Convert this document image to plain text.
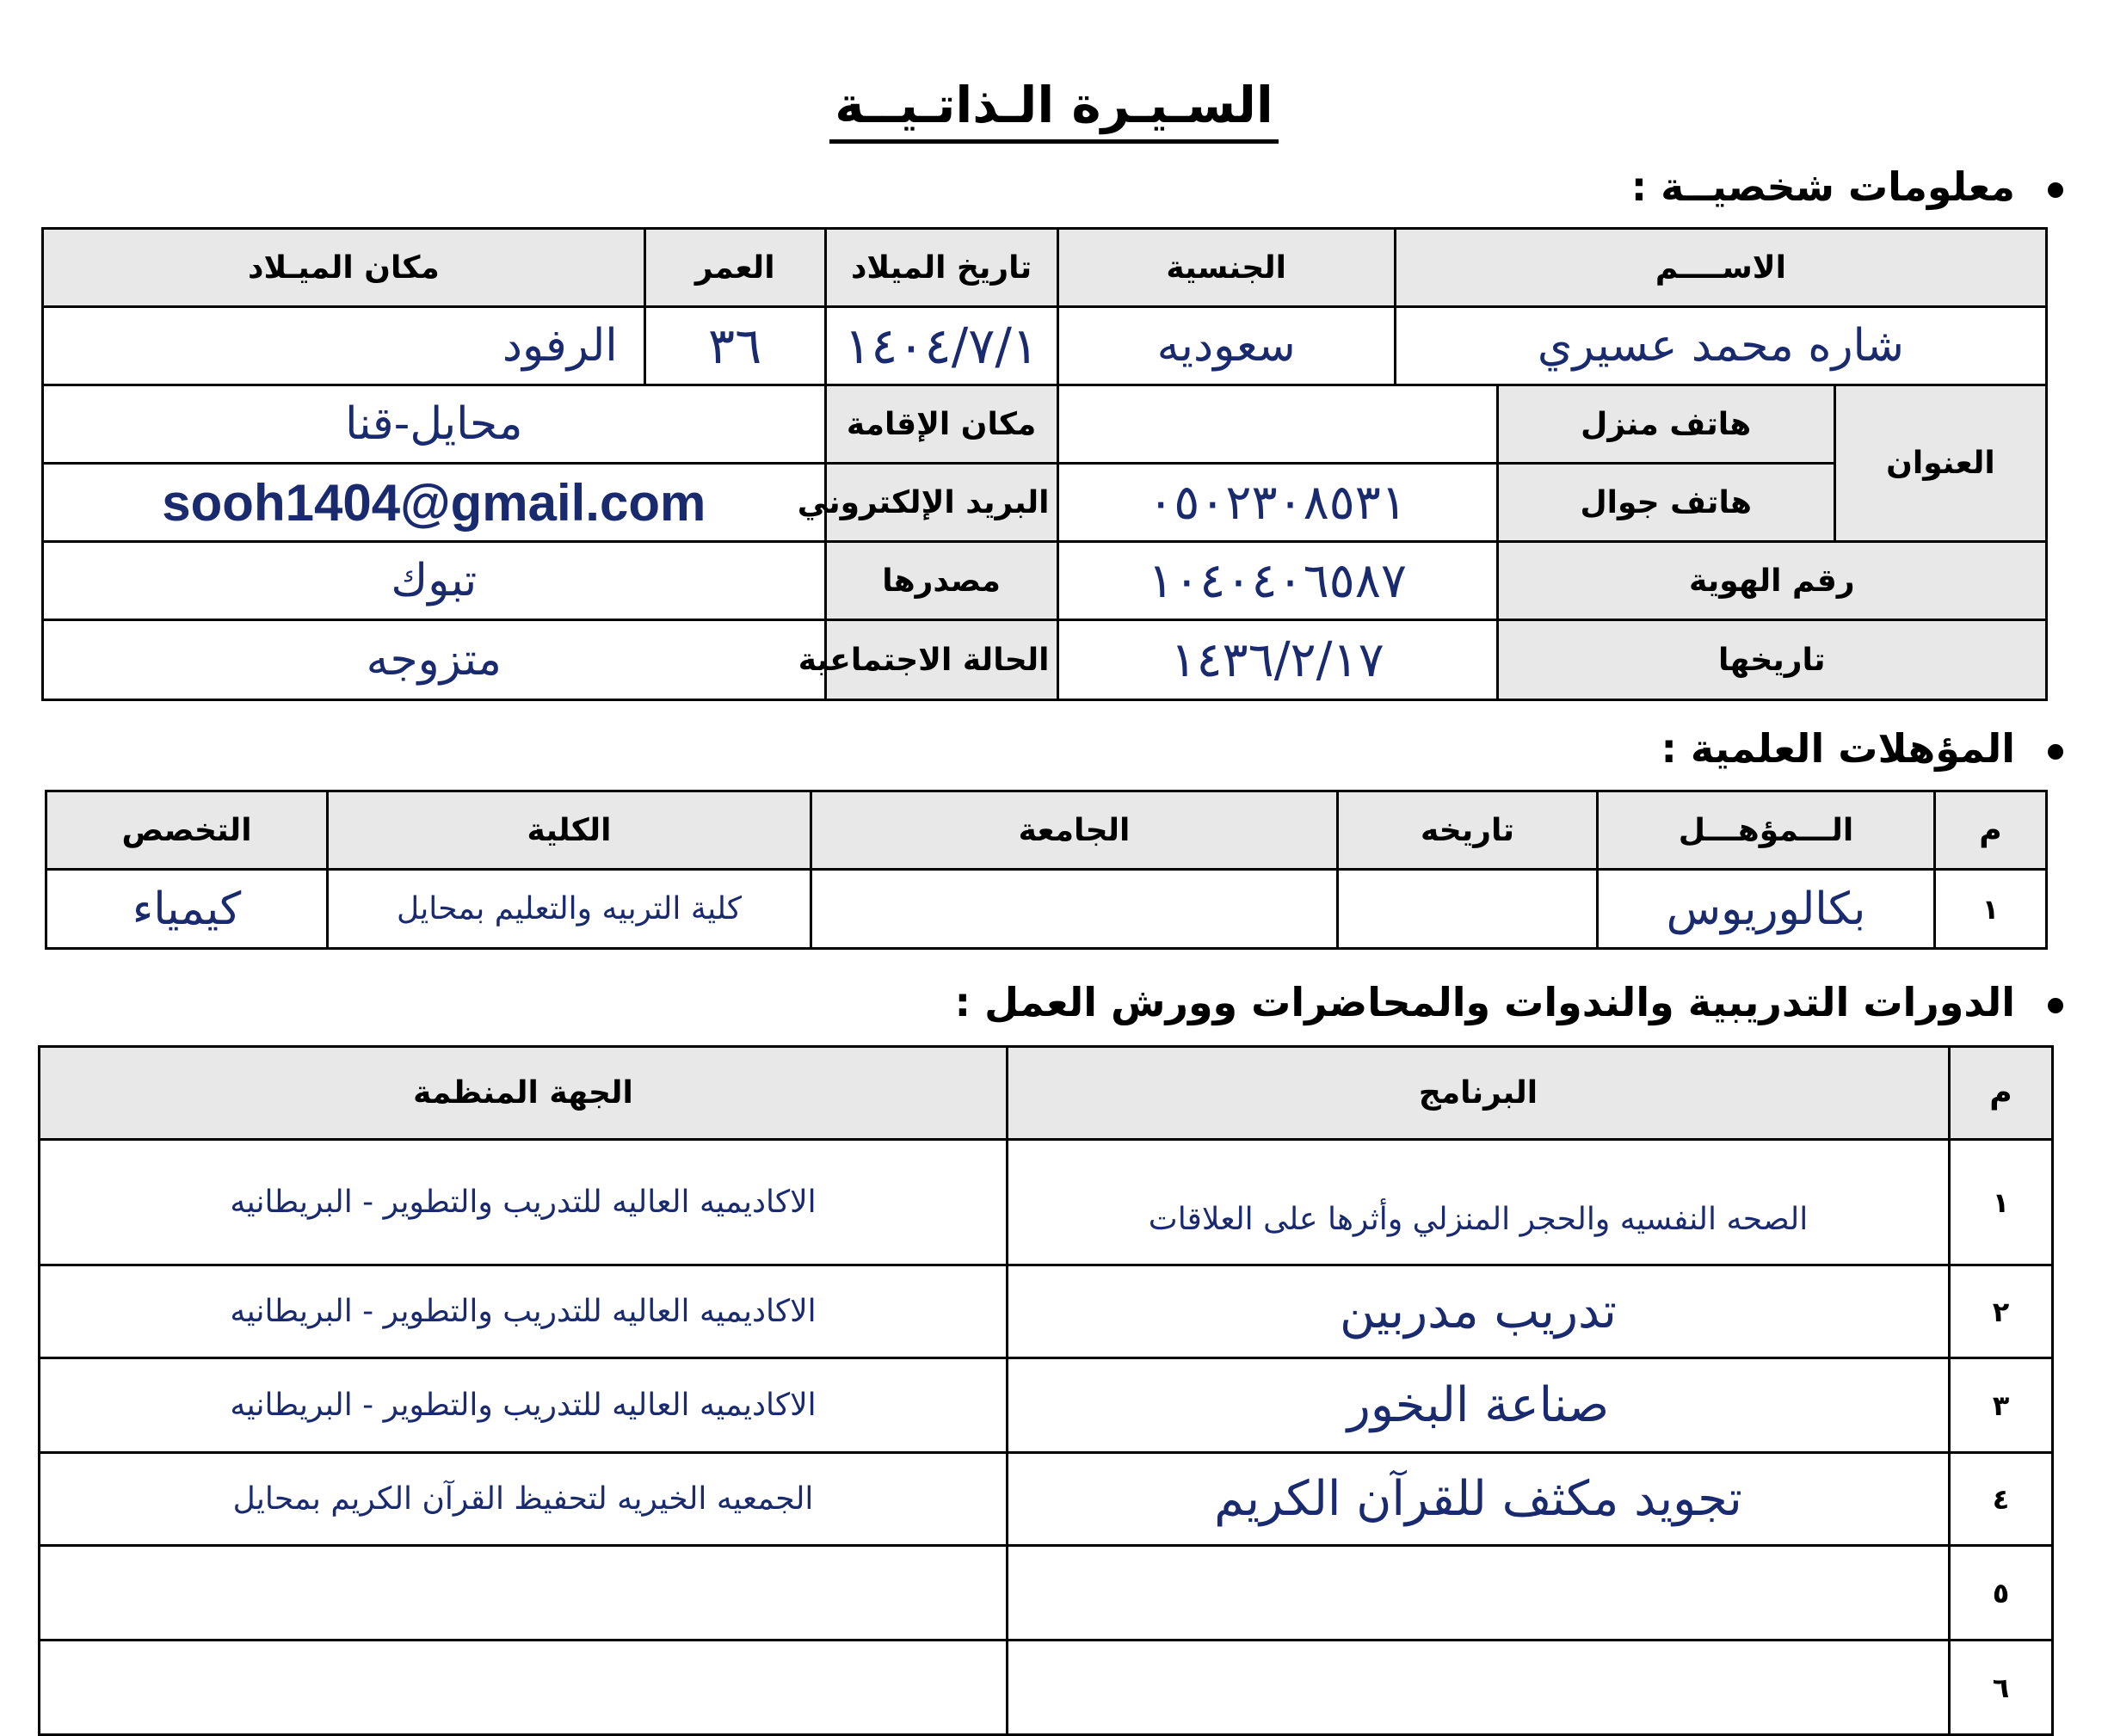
السـيـرة الـذاتـيــة
معلومات شخصيــة :
الاســــم			الجنسية	تاريخ الميلاد	العمر	مكان الميـلاد
شاره محمد عسيري			سعوديه	١٤٠٤/٧/١	٣٦	الرفود
العنوان	هاتف منزل			مكان الإقامة	محايل-قنا	
	هاتف جوال	٠٥٠٢٣٠٨٥٣١		البريد الإلكتروني	sooh1404@gmail.com	
رقم الهوية		١٠٤٠٤٠٦٥٨٧		مصدرها	تبوك	
تاريخها		١٤٣٦/٢/١٧		الحالة الاجتماعية	متزوجه	
المؤهلات العلمية :
م	الـــمؤهـــل	تاريخه	الجامعة	الكلية	التخصص
١	بكالوريوس			كلية التربيه والتعليم بمحايل	كيمياء
الدورات التدريبية والندوات والمحاضرات وورش العمل :
م	البرنامج	الجهة المنظمة
١	الصحه النفسيه والحجر المنزلي وأثرها على العلاقات	الاكاديميه العاليه للتدريب والتطوير - البريطانيه
٢	تدريب مدربين	الاكاديميه العاليه للتدريب والتطوير - البريطانيه
٣	صناعة البخور	الاكاديميه العاليه للتدريب والتطوير - البريطانيه
٤	تجويد مكثف للقرآن الكريم	الجمعيه الخيريه لتحفيظ القرآن الكريم بمحايل
٥		
٦		
